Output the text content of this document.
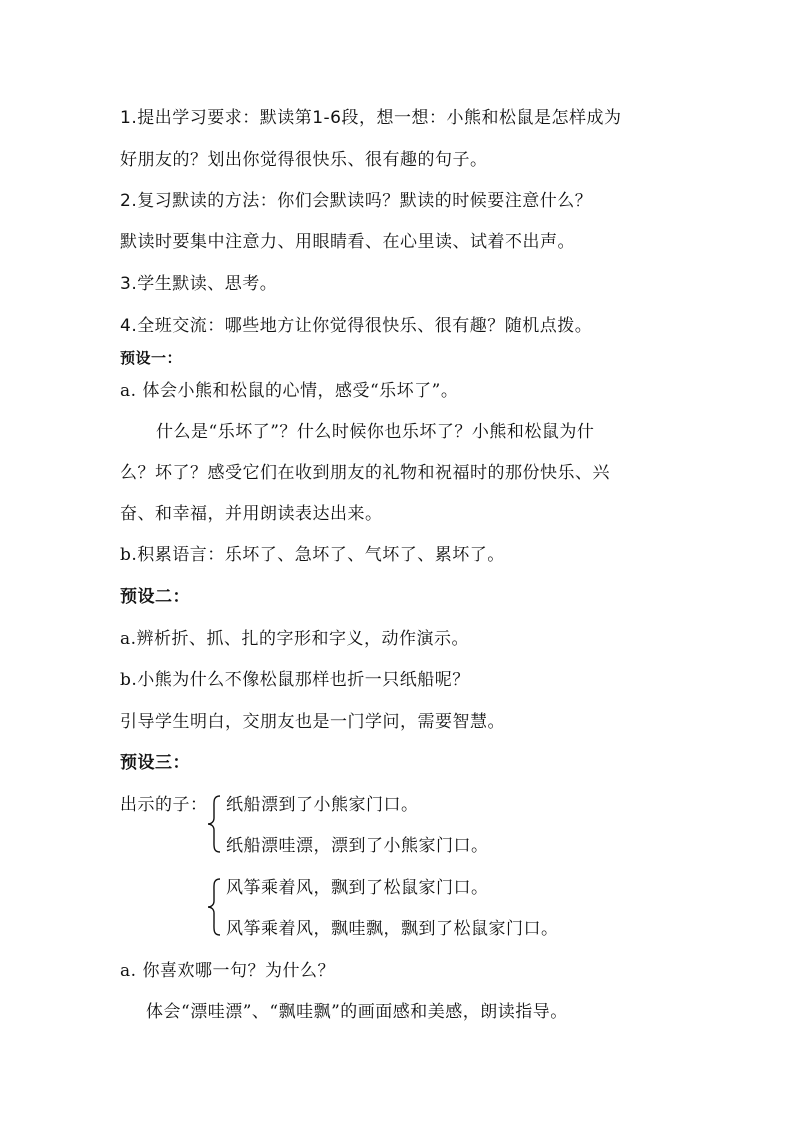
1.提出学习要求：默读第1-6段，想一想：小熊和松鼠是怎样成为
好朋友的？划出你觉得很快乐、很有趣的句子。
2.复习默读的方法：你们会默读吗？默读的时候要注意什么？
默读时要集中注意力、用眼睛看、在心里读、试着不出声。
3.学生默读、思考。
4.全班交流：哪些地方让你觉得很快乐、很有趣？随机点拨。
预设一：
a. 体会小熊和松鼠的心情，感受“乐坏了”。
什么是“乐坏了”？什么时候你也乐坏了？小熊和松鼠为什
么？坏了？感受它们在收到朋友的礼物和祝福时的那份快乐、兴
奋、和幸福，并用朗读表达出来。
b.积累语言：乐坏了、急坏了、气坏了、累坏了。
预设二：
a.辨析折、抓、扎的字形和字义，动作演示。
b.小熊为什么不像松鼠那样也折一只纸船呢？
引导学生明白，交朋友也是一门学问，需要智慧。
预设三：
出示的子： 纸船漂到了小熊家门口。
纸船漂哇漂，漂到了小熊家门口。
风筝乘着风，飘到了松鼠家门口。
风筝乘着风，飘哇飘，飘到了松鼠家门口。
a. 你喜欢哪一句？为什么？
体会“漂哇漂”、“飘哇飘”的画面感和美感，朗读指导。
